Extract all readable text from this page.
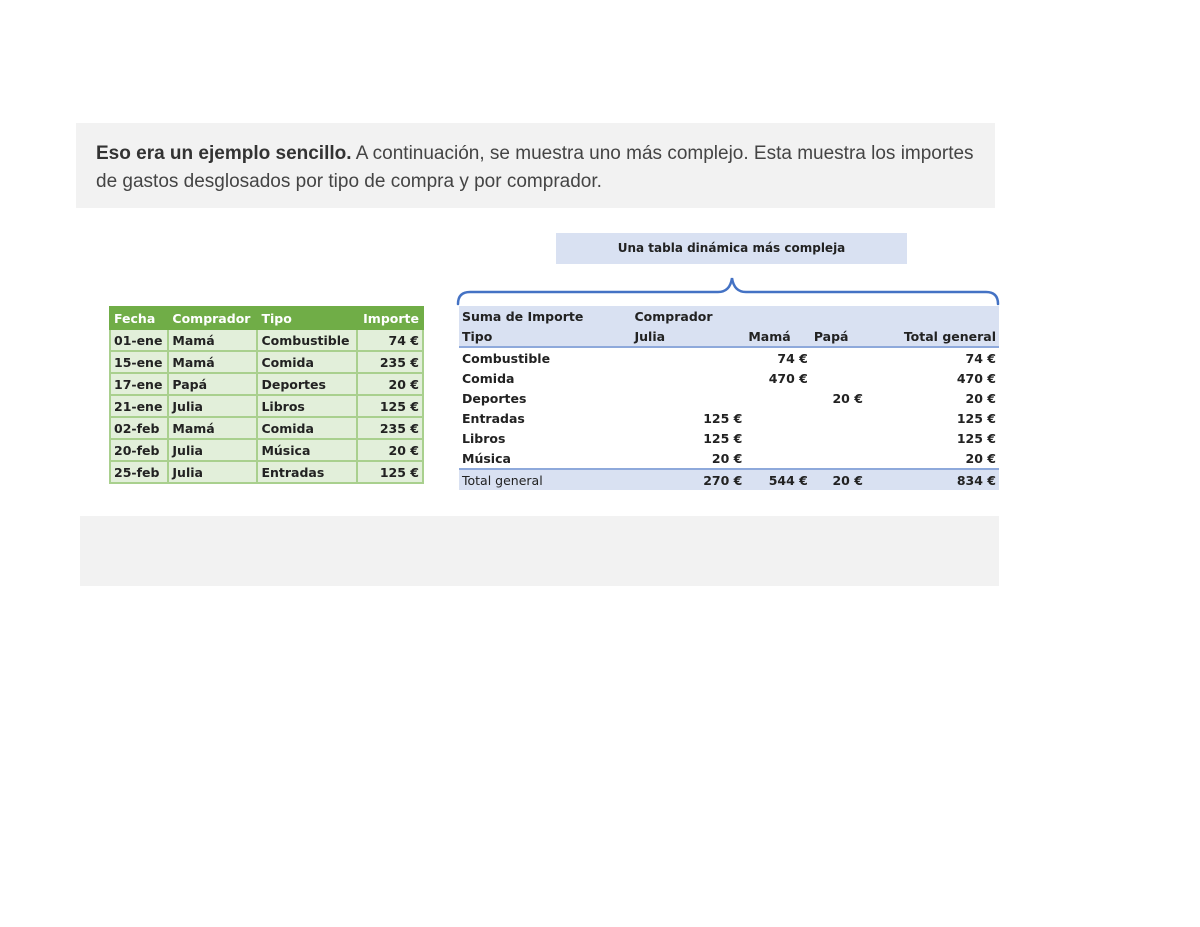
Eso era un ejemplo sencillo. A continuación, se muestra uno más complejo. Esta muestra los importes de gastos desglosados por tipo de compra y por comprador.
Una tabla dinámica más compleja
Fecha	Comprador	Tipo	Importe
01-ene	Mamá	Combustible	74 €
15-ene	Mamá	Comida	235 €
17-ene	Papá	Deportes	20 €
21-ene	Julia	Libros	125 €
02-feb	Mamá	Comida	235 €
20-feb	Julia	Música	20 €
25-feb	Julia	Entradas	125 €
Suma de Importe	Comprador			
Tipo	Julia	Mamá	Papá	Total general
Combustible		74 €		74 €
Comida		470 €		470 €
Deportes			20 €	20 €
Entradas	125 €			125 €
Libros	125 €			125 €
Música	20 €			20 €
Total general	270 €	544 €	20 €	834 €
